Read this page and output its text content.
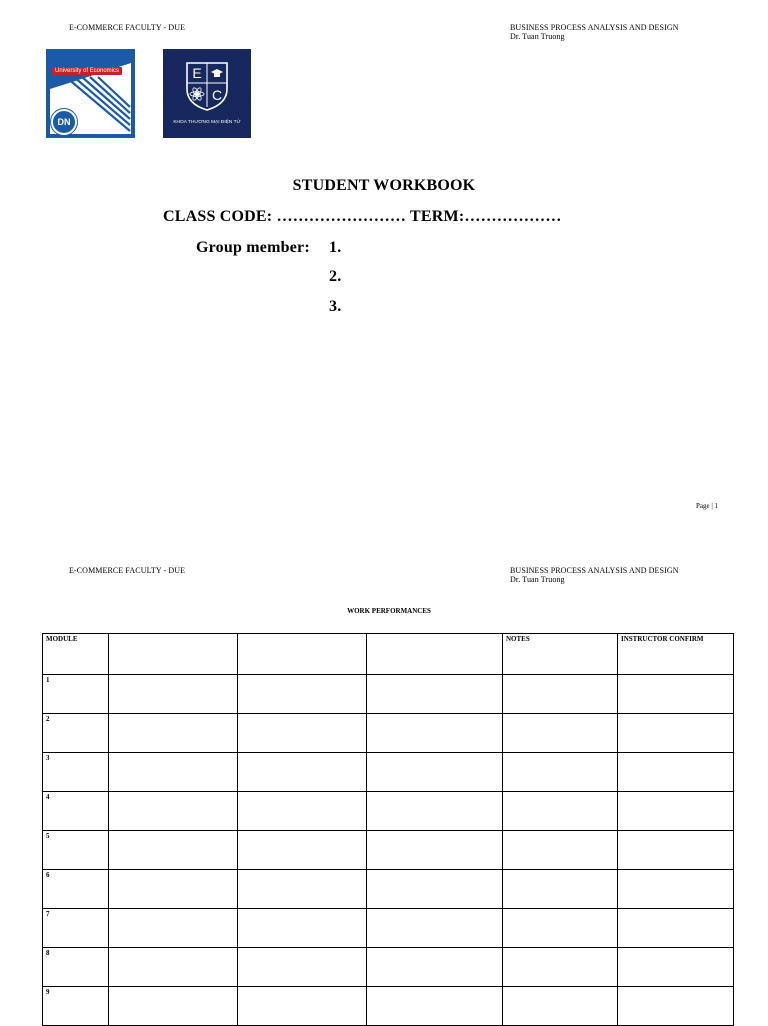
E-COMMERCE FACULTY - DUE	BUSINESS PROCESS ANALYSIS AND DESIGN
Dr. Tuan Truong
University of Economics
DN
E
C
KHOA THƯƠNG MẠI ĐIỆN TỬ
STUDENT WORKBOOK
CLASS CODE: …………………… TERM:………………
Group member: 1.
2.
3.
Page | 1
E-COMMERCE FACULTY - DUE	BUSINESS PROCESS ANALYSIS AND DESIGN
Dr. Tuan Truong
WORK PERFORMANCES
MODULE				NOTES	INSTRUCTOR CONFIRM
1					
2					
3					
4					
5					
6					
7					
8					
9					
